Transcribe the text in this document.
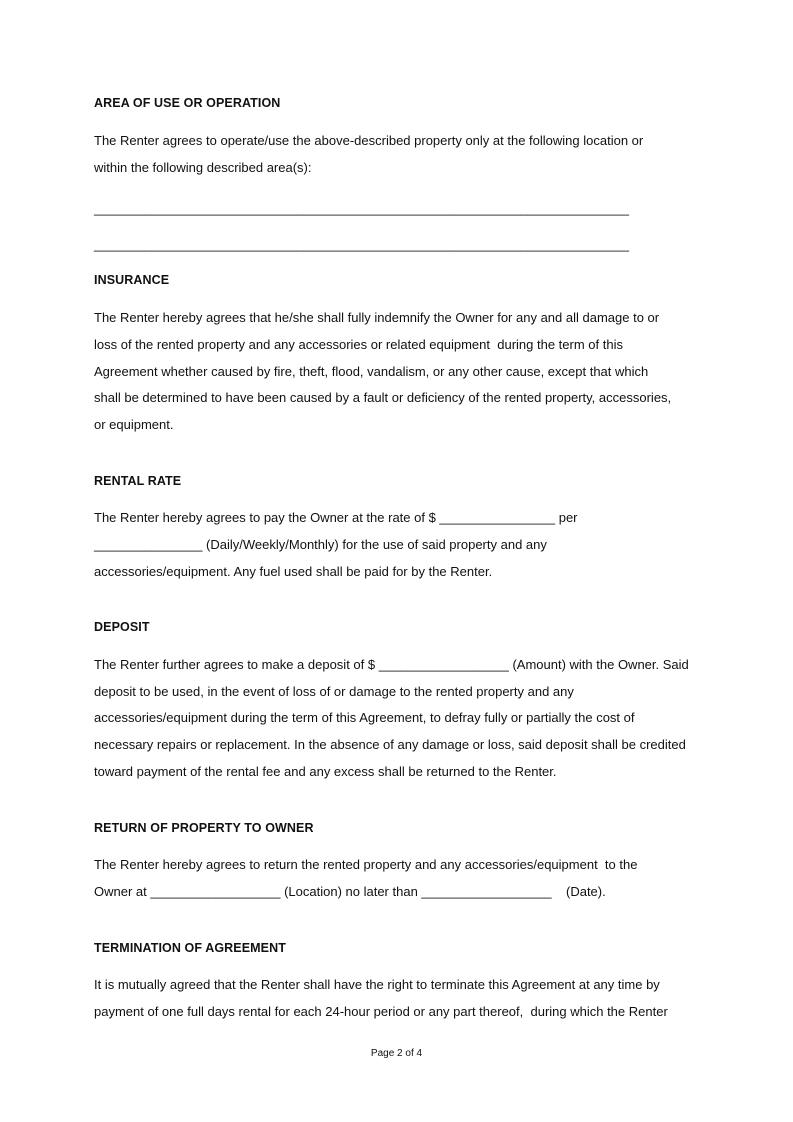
AREA OF USE OR OPERATION
The Renter agrees to operate/use the above-described property only at the following location or
within the following described area(s):
__________________________________________________________________________
__________________________________________________________________________
INSURANCE
The Renter hereby agrees that he/she shall fully indemnify the Owner for any and all damage to or
loss of the rented property and any accessories or related equipment  during the term of this
Agreement whether caused by fire, theft, flood, vandalism, or any other cause, except that which
shall be determined to have been caused by a fault or deficiency of the rented property, accessories,
or equipment.
RENTAL RATE
The Renter hereby agrees to pay the Owner at the rate of $ ________________ per
_______________ (Daily/Weekly/Monthly) for the use of said property and any
accessories/equipment. Any fuel used shall be paid for by the Renter.
DEPOSIT
The Renter further agrees to make a deposit of $ __________________ (Amount) with the Owner. Said
deposit to be used, in the event of loss of or damage to the rented property and any
accessories/equipment during the term of this Agreement, to defray fully or partially the cost of
necessary repairs or replacement. In the absence of any damage or loss, said deposit shall be credited
toward payment of the rental fee and any excess shall be returned to the Renter.
RETURN OF PROPERTY TO OWNER
The Renter hereby agrees to return the rented property and any accessories/equipment  to the
Owner at __________________ (Location) no later than __________________    (Date).
TERMINATION OF AGREEMENT
It is mutually agreed that the Renter shall have the right to terminate this Agreement at any time by
payment of one full days rental for each 24-hour period or any part thereof,  during which the Renter
Page 2 of 4
